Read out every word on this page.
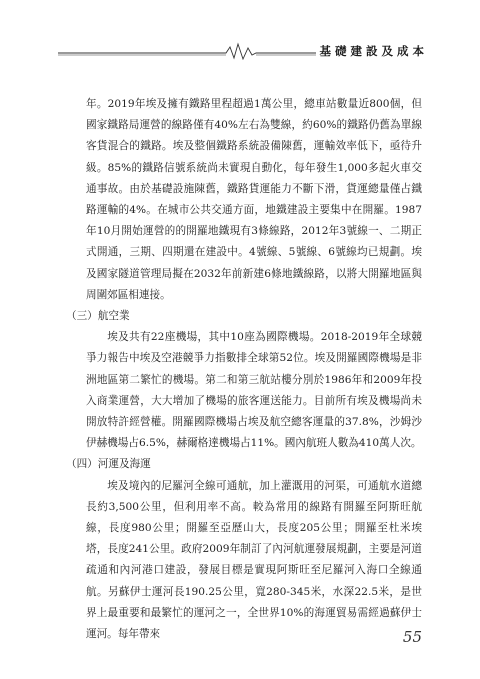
基礎建設及成本

年。2019年埃及擁有鐵路里程超過1萬公里，總車站數量近800個，但國家鐵路局運營的線路僅有40%左右為雙線，約60%的鐵路仍舊為單線客貨混合的鐵路。埃及整個鐵路系統設備陳舊，運輸效率低下，亟待升級。85%的鐵路信號系統尚未實現自動化，每年發生1,000多起火車交通事故。由於基礎設施陳舊，鐵路貨運能力不斷下滑，貨運總量僅占鐵路運輸的4%。在城市公共交通方面，地鐵建設主要集中在開羅。1987年10月開始運營的的開羅地鐵現有3條線路，2012年3號線一、二期正式開通，三期、四期還在建設中。4號線、5號線、6號線均已規劃。埃及國家隧道管理局擬在2032年前新建6條地鐵線路，以將大開羅地區與周圍郊區相連接。

（三）航空業

埃及共有22座機場，其中10座為國際機場。2018-2019年全球競爭力報告中埃及空港競爭力指數排全球第52位。埃及開羅國際機場是非洲地區第二繁忙的機場。第二和第三航站樓分別於1986年和2009年投入商業運營，大大增加了機場的旅客運送能力。目前所有埃及機場尚未開放特許經營權。開羅國際機場占埃及航空總客運量的37.8%，沙姆沙伊赫機場占6.5%，赫爾格達機場占11%。國內航班人數為410萬人次。

（四）河運及海運

埃及境內的尼羅河全線可通航，加上灌溉用的河渠，可通航水道總長約3,500公里，但利用率不高。較為常用的線路有開羅至阿斯旺航線，長度980公里；開羅至亞歷山大，長度205公里；開羅至杜米埃塔，長度241公里。政府2009年制訂了內河航運發展規劃，主要是河道疏通和內河港口建設，發展目標是實現阿斯旺至尼羅河入海口全線通航。另蘇伊士運河長190.25公里，寬280-345米，水深22.5米，是世界上最重要和最繁忙的運河之一，全世界10%的海運貿易需經過蘇伊士運河。每年帶來	55
